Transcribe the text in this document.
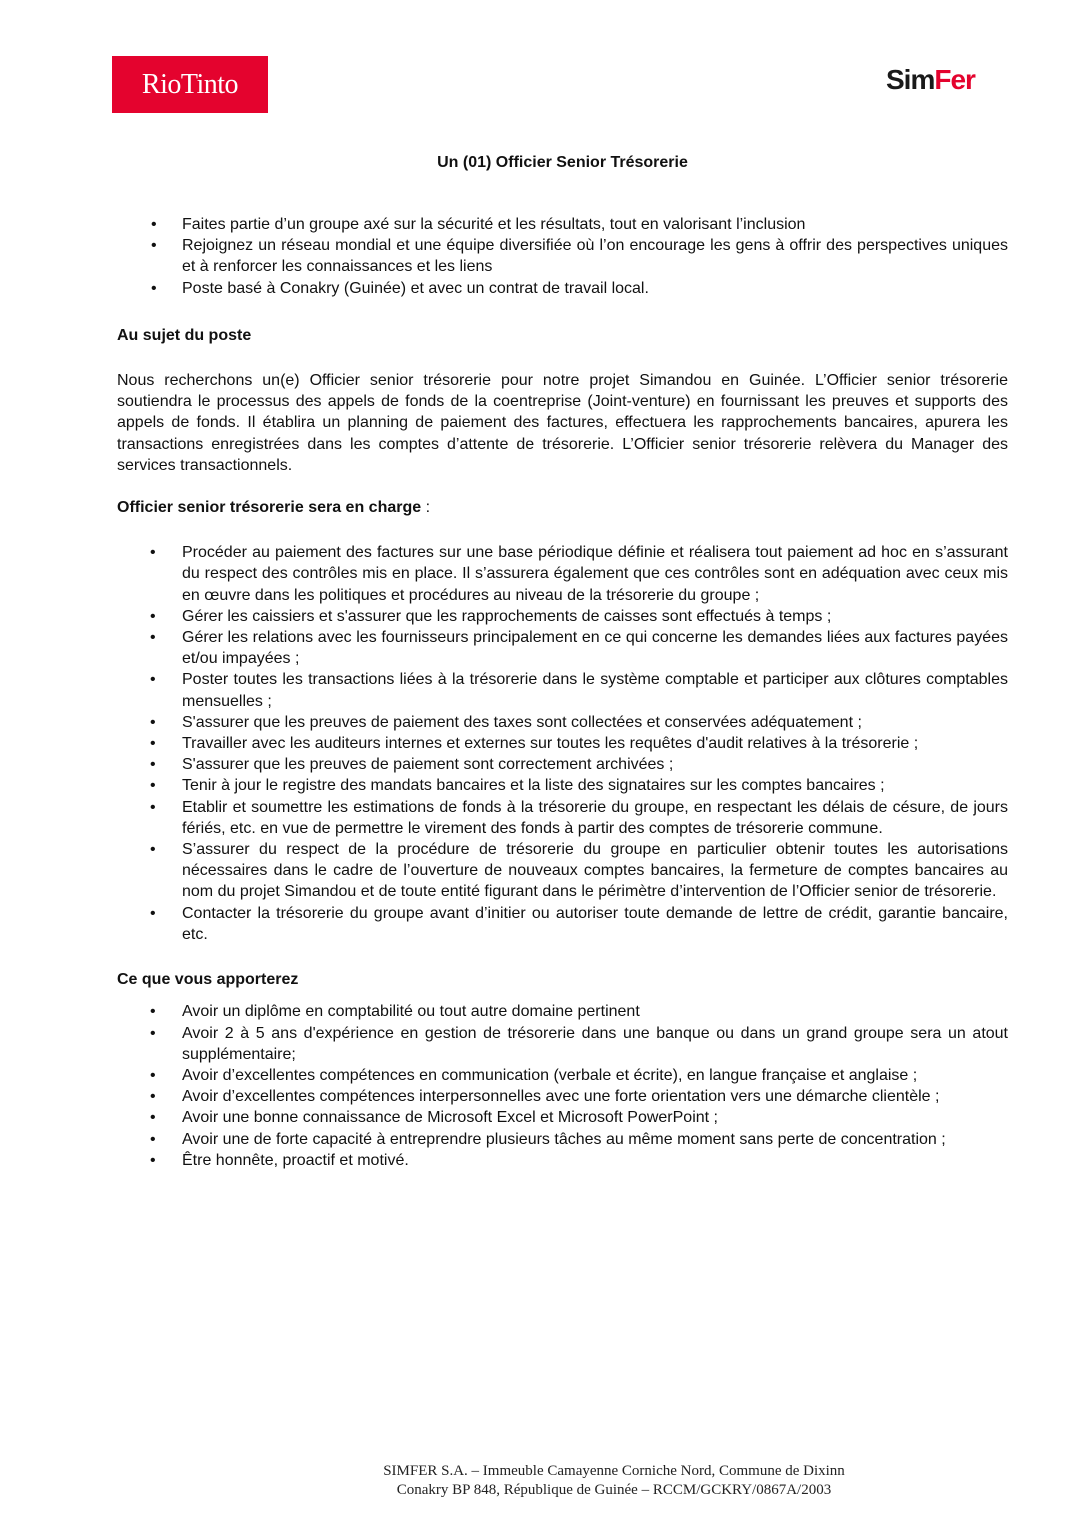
RioTinto	SimFer
Un (01) Officier Senior Trésorerie
• Faites partie d’un groupe axé sur la sécurité et les résultats, tout en valorisant l’inclusion
• Rejoignez un réseau mondial et une équipe diversifiée où l’on encourage les gens à offrir des perspectives uniques et à renforcer les connaissances et les liens
• Poste basé à Conakry (Guinée) et avec un contrat de travail local.

Au sujet du poste

Nous recherchons un(e) Officier senior trésorerie pour notre projet Simandou en Guinée. L’Officier senior trésorerie soutiendra le processus des appels de fonds de la coentreprise (Joint-venture) en fournissant les preuves et supports des appels de fonds. Il établira un planning de paiement des factures, effectuera les rapprochements bancaires, apurera les transactions enregistrées dans les comptes d’attente de trésorerie. L’Officier senior trésorerie relèvera du Manager des services transactionnels.

Officier senior trésorerie sera en charge :

• Procéder au paiement des factures sur une base périodique définie et réalisera tout paiement ad hoc en s’assurant du respect des contrôles mis en place. Il s’assurera également que ces contrôles sont en adéquation avec ceux mis en œuvre dans les politiques et procédures au niveau de la trésorerie du groupe ;
• Gérer les caissiers et s'assurer que les rapprochements de caisses sont effectués à temps ;
• Gérer les relations avec les fournisseurs principalement en ce qui concerne les demandes liées aux factures payées et/ou impayées ;
• Poster toutes les transactions liées à la trésorerie dans le système comptable et participer aux clôtures comptables mensuelles ;
• S'assurer que les preuves de paiement des taxes sont collectées et conservées adéquatement ;
• Travailler avec les auditeurs internes et externes sur toutes les requêtes d'audit relatives à la trésorerie ;
• S'assurer que les preuves de paiement sont correctement archivées ;
• Tenir à jour le registre des mandats bancaires et la liste des signataires sur les comptes bancaires ;
• Etablir et soumettre les estimations de fonds à la trésorerie du groupe, en respectant les délais de césure, de jours fériés, etc. en vue de permettre le virement des fonds à partir des comptes de trésorerie commune.
• S’assurer du respect de la procédure de trésorerie du groupe en particulier obtenir toutes les autorisations nécessaires dans le cadre de l’ouverture de nouveaux comptes bancaires, la fermeture de comptes bancaires au nom du projet Simandou et de toute entité figurant dans le périmètre d’intervention de l’Officier senior de trésorerie.
• Contacter la trésorerie du groupe avant d’initier ou autoriser toute demande de lettre de crédit, garantie bancaire, etc.

Ce que vous apporterez

• Avoir un diplôme en comptabilité ou tout autre domaine pertinent
• Avoir 2 à 5 ans d'expérience en gestion de trésorerie dans une banque ou dans un grand groupe sera un atout supplémentaire;
• Avoir d’excellentes compétences en communication (verbale et écrite), en langue française et anglaise ;
• Avoir d’excellentes compétences interpersonnelles avec une forte orientation vers une démarche clientèle ;
• Avoir une bonne connaissance de Microsoft Excel et Microsoft PowerPoint ;
• Avoir une de forte capacité à entreprendre plusieurs tâches au même moment sans perte de concentration ;
• Être honnête, proactif et motivé.
SIMFER S.A. – Immeuble Camayenne Corniche Nord, Commune de Dixinn
Conakry BP 848, République de Guinée – RCCM/GCKRY/0867A/2003
